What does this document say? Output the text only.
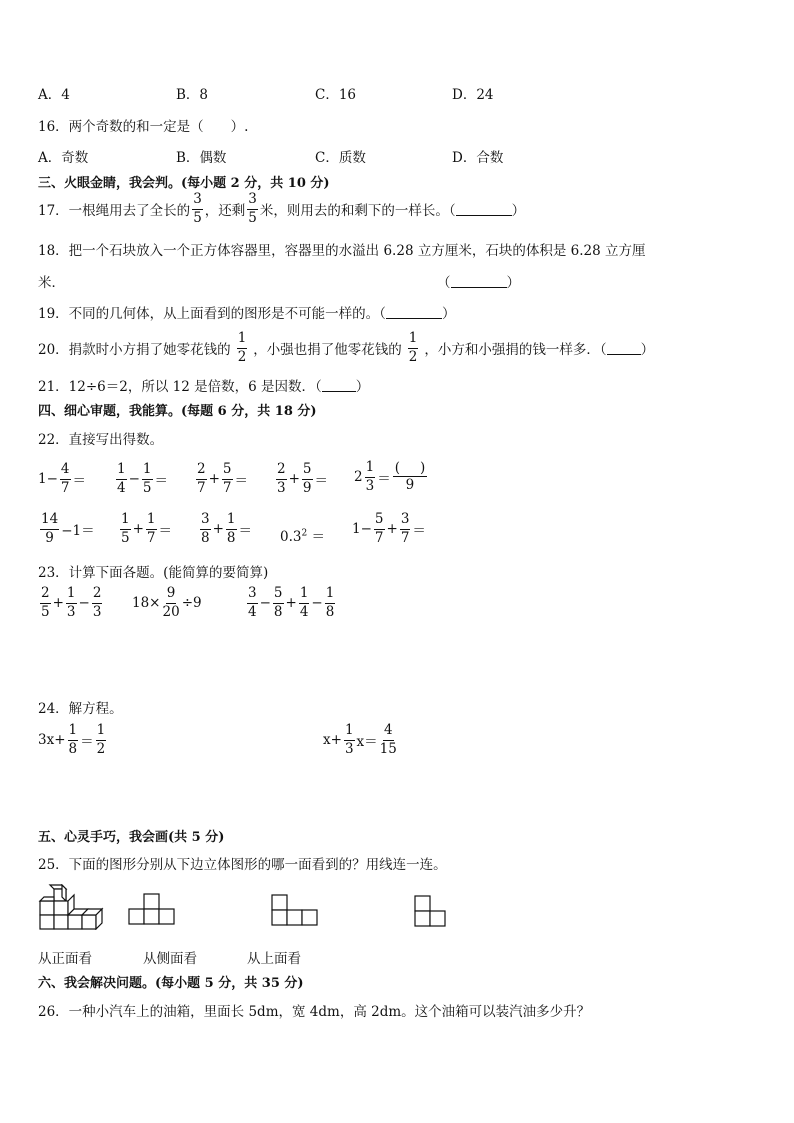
A．4	B．8	C．16	D．24
16．两个奇数的和一定是（　　）.
A．奇数	B．偶数	C．质数	D．合数
三、火眼金睛，我会判。(每小题 2 分，共 10 分)
17．一根绳用去了全长的 $\frac{3}{5}$ ，还剩 $\frac{3}{5}$ 米，则用去的和剩下的一样长。（	）
18．把一个石块放入一个正方体容器里，容器里的水溢出 6.28 立方厘米，石块的体积是 6.28 立方厘
米．	（	）
19．不同的几何体，从上面看到的图形是不可能一样的。（	）
20．捐款时小方捐了她零花钱的 $\frac{1}{2}$ ，小强也捐了他零花钱的 $\frac{1}{2}$ ，小方和小强捐的钱一样多．（	）
21．12÷6＝2，所以 12 是倍数，6 是因数．（	）
四、细心审题，我能算。(每题 6 分，共 18 分)
22．直接写出得数。
$1- \frac{4}{7} = \frac{1}{4} - \frac{1}{5} = \frac{2}{7} + \frac{5}{7} = \frac{2}{3} + \frac{5}{9} = 2 \frac{1}{3} = \frac{( )}{9}$
$\frac{14}{9} -1= \frac{1}{5} + \frac{1}{7} = \frac{3}{8} + \frac{1}{8} = 0.3^2 = 1- \frac{5}{7} + \frac{3}{7}$ ＝
23．计算下面各题。(能简算的要简算)
$\frac{2}{5} + \frac{1}{3} - \frac{2}{3} 18\times \frac{9}{20} \div 9$	$\frac{3}{4} - \frac{5}{8} + \frac{1}{4} - \frac{1}{8}$
24．解方程。
$3x+ \frac{1}{8} = \frac{1}{2}$	$x+ \frac{1}{3} x= \frac{4}{15}$
五、心灵手巧，我会画(共 5 分)
25．下面的图形分别从下边立体图形的哪一面看到的？用线连一连。
从正面看	从侧面看	从上面看
六、我会解决问题。(每小题 5 分，共 35 分)
26．一种小汽车上的油箱，里面长 5dm，宽 4dm，高 2dm。这个油箱可以装汽油多少升？
